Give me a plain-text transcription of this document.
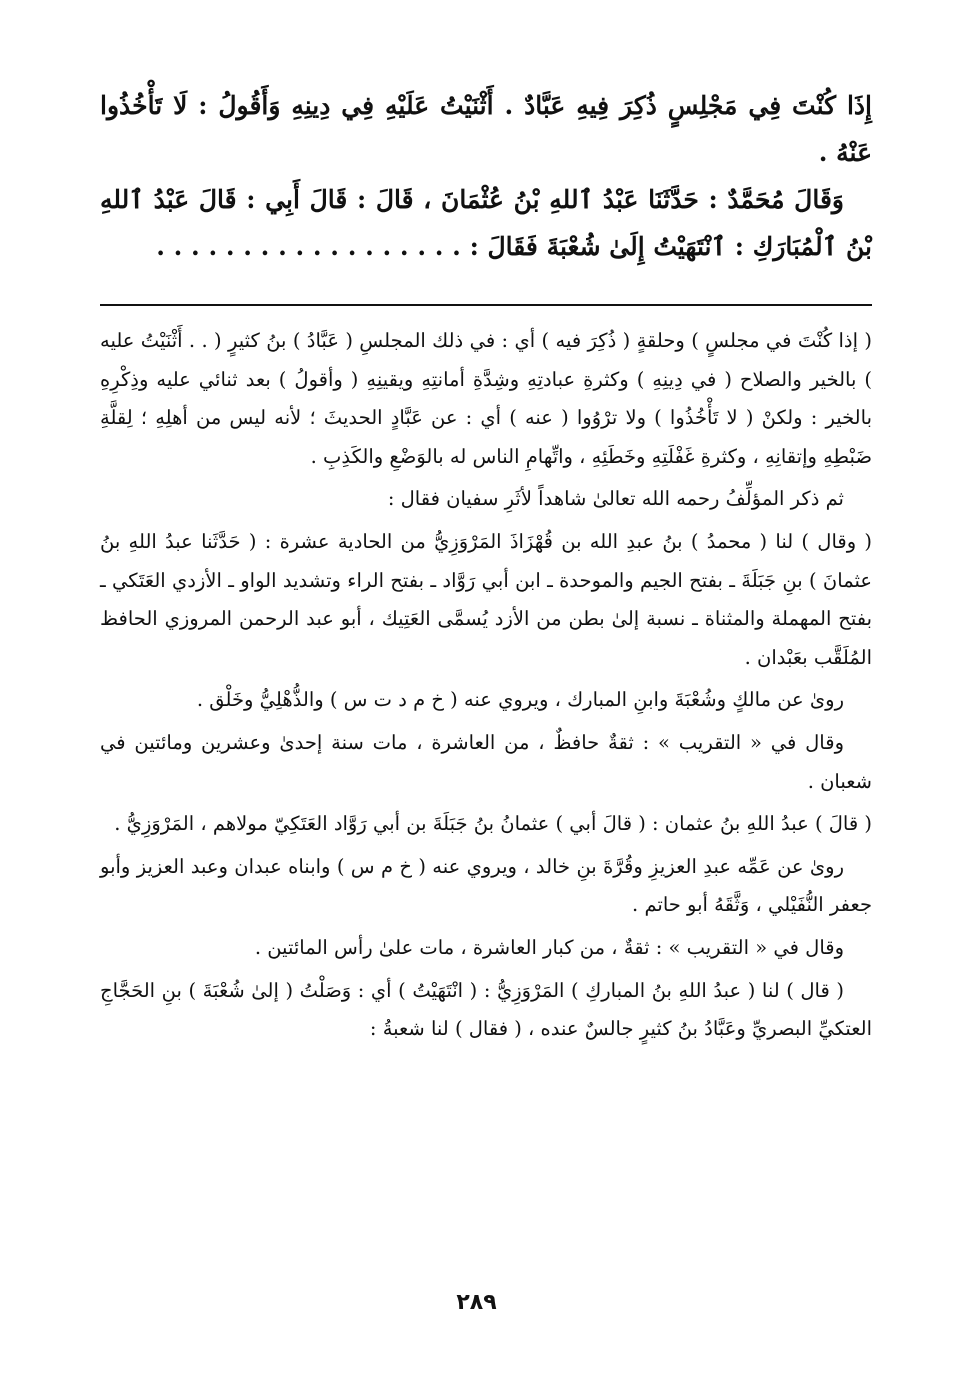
إِذَا كُنْتَ فِي مَجْلِسٍ ذُكِرَ فِيهِ عَبَّادٌ . أَثْنَيْتُ عَلَيْهِ فِي دِينِهِ وَأَقُولُ : لَا تَأْخُذُوا عَنْهُ .

وَقَالَ مُحَمَّدٌ : حَدَّثَنَا عَبْدُ ٱللهِ بْنُ عُثْمَانَ ، قَالَ : قَالَ أَبِي : قَالَ عَبْدُ ٱللهِ بْنُ ٱلْمُبَارَكِ : ٱنْتَهَيْتُ إِلَىٰ شُعْبَةَ فَقَالَ : . . . . . . . . . . . . . . . . . .

( إذا كُنْتَ في مجلسٍ ) وحلقةٍ ( ذُكِرَ فيه ) أي : في ذلك المجلسِ ( عَبَّادُ ) بنُ كثيرٍ ( . . أَثْنَيْتُ عليه ) بالخير والصلاح ( في دِينِهِ ) وكثرةِ عبادتِهِ وشِدَّةِ أمانتِهِ ويقينِهِ ( وأقولُ ) بعد ثنائي عليه وذِكْرِهِ بالخير : ولكنْ ( لا تَأْخُذُوا ) ولا ترْوُوا ( عنه ) أي : عن عَبَّادٍ الحديثَ ؛ لأنه ليس من أهلِهِ ؛ لِقلَّةِ ضَبْطِهِ وإتقانِهِ ، وكثرةِ غَفْلَتِهِ وخَطَئِهِ ، واتِّهامِ الناس له بالوَضْعِ والكَذِبِ .

ثم ذكر المؤلِّفُ رحمه الله تعالىٰ شاهداً لأثَرِ سفيان فقال :

( وقال ) لنا ( محمدُ ) بنُ عبدِ الله بن قُهْزَاذَ المَرْوَزِيُّ من الحادية عشرة : ( حَدَّثَنا عبدُ اللهِ بنُ عثمانَ ) بنِ جَبَلَةَ ـ بفتح الجيم والموحدة ـ ابن أبي رَوَّاد ـ بفتح الراء وتشديد الواو ـ الأزدي العَتَكي ـ بفتح المهملة والمثناة ـ نسبة إلىٰ بطن من الأزد يُسمَّى العَتِيك ، أبو عبد الرحمن المروزي الحافظ المُلَقَّب بعَبْدان .

روىٰ عن مالكٍ وشُعْبَةَ وابنِ المبارك ، ويروي عنه ( خ م د ت س ) والذُّهْلِيُّ وخَلْق .

وقال في « التقريب » : ثقةٌ حافظٌ ، من العاشرة ، مات سنة إحدىٰ وعشرين ومائتين في شعبان .

( قالَ ) عبدُ اللهِ بنُ عثمان : ( قالَ أبي ) عثمانُ بنُ جَبَلَةَ بن أبي رَوَّاد العَتَكِيّ مولاهم ، المَرْوَزِيُّ .

روىٰ عن عَمِّه عبدِ العزيزِ وقُرَّةَ بنِ خالد ، ويروي عنه ( خ م س ) وابناه عبدان وعبد العزيز وأبو جعفر النُّفَيْلي ، وَثَّقَهُ أبو حاتم .

وقال في « التقريب » : ثقةٌ ، من كبار العاشرة ، مات علىٰ رأس المائتين .

( قال ) لنا ( عبدُ اللهِ بنُ المباركِ ) المَرْوَزِيُّ : ( انْتَهَيْتُ ) أي : وَصَلْتُ ( إلىٰ شُعْبَةَ ) بنِ الحَجَّاجِ العتكيِّ البصريِّ وعَبَّادُ بنُ كثيرٍ جالسٌ عنده ، ( فقال ) لنا شعبةُ :

٢٨٩
